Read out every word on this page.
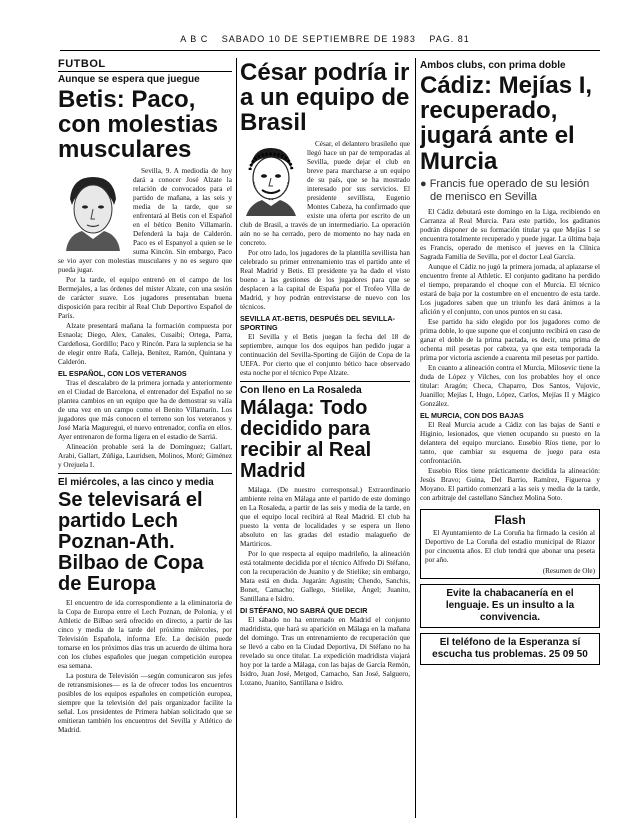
A B C SABADO 10 DE SEPTIEMBRE DE 1983 PAG. 81
FUTBOL
Aunque se espera que juegue
Betis: Paco, con molestias musculares

Sevilla, 9. A mediodía de hoy dará a conocer José Alzate la relación de convocados para el partido de mañana, a las seis y media de la tarde, que se enfrentará al Betis con el Español en el bético Benito Villamarín. Defenderá la baja de Calderón. Paco es el Espanyol a quien se le suma Kincón. Sin embargo, Paco se vio ayer con molestias musculares y no es seguro que pueda jugar.

Por la tarde, el equipo entrenó en el campo de los Bermejales, a las órdenes del míster Alzate, con una sesión de carácter suave. Los jugadores presentaban buena disposición para recibir al Real Club Deportivo Español de París.

Alzate presentará mañana la formación compuesta por Esnaola; Diego, Alex, Canales, Cusaibi; Ortega, Parra, Cardeñosa, Gordillo; Paco y Rincón. Para la suplencia se ha de elegir entre Rafa, Calleja, Benítez, Ramón, Quintana y Calderón.

EL ESPAÑOL, CON LOS VETERANOS

Tras el descalabro de la primera jornada y anteriormente en el Ciudad de Barcelona, el entrenador del Español no se plantea cambios en un equipo que ha de demostrar su valía de una vez en un campo como el Benito Villamarín. Los jugadores que más conocen el terreno son los veteranos y José María Maguregui, el nuevo entrenador, confía en ellos. Ayer entrenaron de forma ligera en el estadio de Sarriá.

Alineación probable será la de Domínguez; Gallart, Arabi, Gallart, Zúñiga, Lauridsen, Molinos, Moré; Giménez y Orejuela I.

El miércoles, a las cinco y media
Se televisará el partido Lech Poznan-Ath. Bilbao de Copa de Europa

El encuentro de ida correspondiente a la eliminatoria de la Copa de Europa entre el Lech Poznan, de Polonia, y el Athletic de Bilbao será ofrecido en directo, a partir de las cinco y media de la tarde del próximo miércoles, por Televisión Española, informa Efe. La decisión puede tomarse en los próximos días tras un acuerdo de última hora con los clubes españoles que juegan competición europea esa semana.

La postura de Televisión —según comunicaron sus jefes de retransmisiones— es la de ofrecer todos los encuentros posibles de los equipos españoles en competición europea, siempre que la televisión del país organizador facilite la señal. Los presidentes de Primera habían solicitado que se emitieran también los encuentros del Sevilla y Atlético de Madrid.

César podría ir a un equipo de Brasil

César, el delantero brasileño que llegó hace un par de temporadas al Sevilla, puede dejar el club en breve para marcharse a un equipo de su país, que se ha mostrado interesado por sus servicios. El presidente sevillista, Eugenio Montes Cabeza, ha confirmado que existe una oferta por escrito de un club de Brasil, a través de un intermediario. La operación aún no se ha cerrado, pero de momento no hay nada en concreto.

Por otro lado, los jugadores de la plantilla sevillista han celebrado su primer entrenamiento tras el partido ante el Real Madrid y Betis. El presidente ya ha dado el visto bueno a las gestiones de los jugadores para que se desplacen a la capital de España por el Trofeo Villa de Madrid, y hoy podrán entrevistarse de nuevo con los técnicos.

SEVILLA AT.-BETIS, DESPUÉS DEL SEVILLA-SPORTING

El Sevilla y el Betis juegan la fecha del 18 de septiembre, aunque los dos equipos han pedido jugar a continuación del Sevilla-Sporting de Gijón de Copa de la UEFA. Por cierto que el conjunto bético hace observado esta noche por el técnico Pepe Alzate.

Con lleno en La Rosaleda
Málaga: Todo decidido para recibir al Real Madrid

Málaga. (De nuestro corresponsal.) Extraordinario ambiente reina en Málaga ante el partido de este domingo en La Rosaleda, a partir de las seis y media de la tarde, en que el equipo local recibirá al Real Madrid. El club ha puesto la venta de localidades y se espera un lleno absoluto en las gradas del estadio malagueño de Martiricos.

Por lo que respecta al equipo madrileño, la alineación está totalmente decidida por el técnico Alfredo Di Stéfano, con la recuperación de Juanito y de Stielike; sin embargo, Mata está en duda. Jugarán: Agustín; Chendo, Sanchis, Bonet, Camacho; Gallego, Stielike, Ángel; Juanito, Santillana e Isidro.

DI STÉFANO, NO SABRÁ QUE DECIR

El sábado no ha entrenado en Madrid el conjunto madridista, que hará su aparición en Málaga en la mañana del domingo. Tras un entrenamiento de recuperación que se llevó a cabo en la Ciudad Deportiva, Di Stéfano no ha revelado su once titular. La expedición madridista viajará hoy por la tarde a Málaga, con las bajas de García Remón, Isidro, Juan José, Metgod, Camacho, San José, Salguero, Lozano, Juanito, Santillana e Isidro.

Ambos clubs, con prima doble
Cádiz: Mejías I, recuperado, jugará ante el Murcia
● Francis fue operado de su lesión de menisco en Sevilla

El Cádiz debutará este domingo en la Liga, recibiendo en Carranza al Real Murcia. Para este partido, los gaditanos podrán disponer de su formación titular ya que Mejías I se encuentra totalmente recuperado y puede jugar. La última baja es Francis, operado de menisco el jueves en la Clínica Sagrada Familia de Sevilla, por el doctor Leal García.

Aunque el Cádiz no jugó la primera jornada, al aplazarse el encuentro frente al Athletic. El conjunto gaditano ha perdido el tiempo, preparando el choque con el Murcia. El técnico estará de baja por la costumbre en el encuentro de esta tarde. Los jugadores saben que un triunfo les dará ánimos a la afición y el conjunto, con unos puntos en su casa.

Ese partido ha sido elegido por los jugadores como de prima doble, lo que supone que el conjunto recibirá en caso de ganar el doble de la prima pactada, es decir, una prima de ochenta mil pesetas por cabeza, ya que esta temporada la prima por victoria asciende a cuarenta mil pesetas por partido.

En cuanto a alineación contra el Murcia, Milosevic tiene la duda de López y Vilches, con los probables hoy el once titular: Aragón; Checa, Chaparro, Dos Santos, Vujovic, Juanillo; Mejías I, Hugo, López, Carlos, Mejías II y Mágico González.

EL MURCIA, CON DOS BAJAS

El Real Murcia acude a Cádiz con las bajas de Santi e Higinio, lesionados, que vienen ocupando su puesto en la delantera del equipo murciano. Eusebio Ríos tiene, por lo tanto, que cambiar su esquema de juego para esta confrontación.

Eusebio Ríos tiene prácticamente decidida la alineación: Jesús Bravo; Guina, Del Barrio, Ramírez, Figueroa y Moyano. El partido comenzará a las seis y media de la tarde, con arbitraje del castellano Sánchez Molina Soto.

Flash

El Ayuntamiento de La Coruña ha firmado la cesión al Deportivo de La Coruña del estadio municipal de Riazor por cincuenta años. El club tendrá que abonar una peseta por año.

(Resumen de Ole)
Evite la chabacanería en el lenguaje. Es un insulto a la convivencia.
El teléfono de la Esperanza sí escucha tus problemas. 25 09 50
